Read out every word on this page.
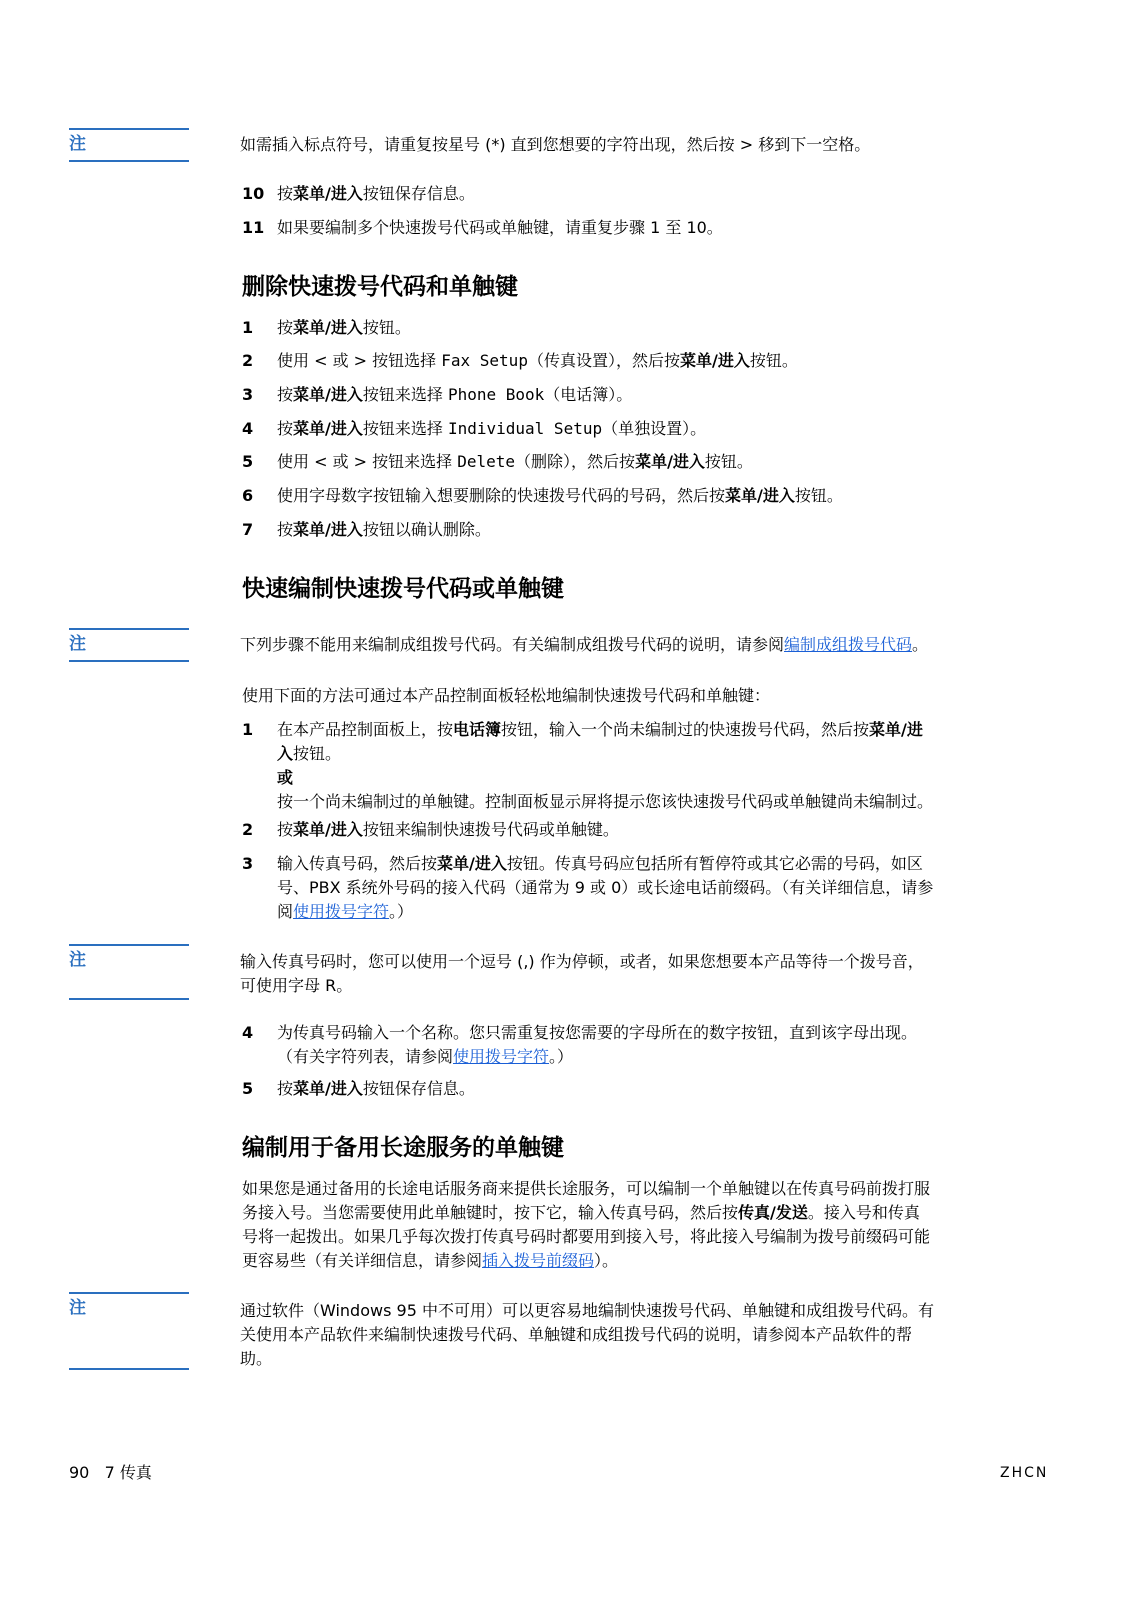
注	如需插入标点符号，请重复按星号 (*) 直到您想要的字符出现，然后按 > 移到下一空格。
10 按菜单/进入按钮保存信息。
11 如果要编制多个快速拨号代码或单触键，请重复步骤 1 至 10。
删除快速拨号代码和单触键
1 按菜单/进入按钮。
2 使用 < 或 > 按钮选择 Fax Setup（传真设置），然后按菜单/进入按钮。
3 按菜单/进入按钮来选择 Phone Book（电话簿）。
4 按菜单/进入按钮来选择 Individual Setup（单独设置）。
5 使用 < 或 > 按钮来选择 Delete（删除），然后按菜单/进入按钮。
6 使用字母数字按钮输入想要删除的快速拨号代码的号码，然后按菜单/进入按钮。
7 按菜单/进入按钮以确认删除。
快速编制快速拨号代码或单触键
注	下列步骤不能用来编制成组拨号代码。有关编制成组拨号代码的说明，请参阅编制成组拨号代码。
使用下面的方法可通过本产品控制面板轻松地编制快速拨号代码和单触键：
1 在本产品控制面板上，按电话簿按钮，输入一个尚未编制过的快速拨号代码，然后按菜单/进
入按钮。
或
按一个尚未编制过的单触键。控制面板显示屏将提示您该快速拨号代码或单触键尚未编制过。
2 按菜单/进入按钮来编制快速拨号代码或单触键。
3 输入传真号码，然后按菜单/进入按钮。传真号码应包括所有暂停符或其它必需的号码，如区
号、PBX 系统外号码的接入代码（通常为 9 或 0）或长途电话前缀码。（有关详细信息，请参
阅使用拨号字符。）
注	输入传真号码时，您可以使用一个逗号 (,) 作为停顿，或者，如果您想要本产品等待一个拨号音，
可使用字母 R。
4 为传真号码输入一个名称。您只需重复按您需要的字母所在的数字按钮，直到该字母出现。
（有关字符列表，请参阅使用拨号字符。）
5 按菜单/进入按钮保存信息。
编制用于备用长途服务的单触键
如果您是通过备用的长途电话服务商来提供长途服务，可以编制一个单触键以在传真号码前拨打服
务接入号。当您需要使用此单触键时，按下它，输入传真号码，然后按传真/发送。接入号和传真
号将一起拨出。如果几乎每次拨打传真号码时都要用到接入号，将此接入号编制为拨号前缀码可能
更容易些（有关详细信息，请参阅插入拨号前缀码）。
注	通过软件（Windows 95 中不可用）可以更容易地编制快速拨号代码、单触键和成组拨号代码。有
关使用本产品软件来编制快速拨号代码、单触键和成组拨号代码的说明，请参阅本产品软件的帮
助。
90 7 传真	ZHCN
